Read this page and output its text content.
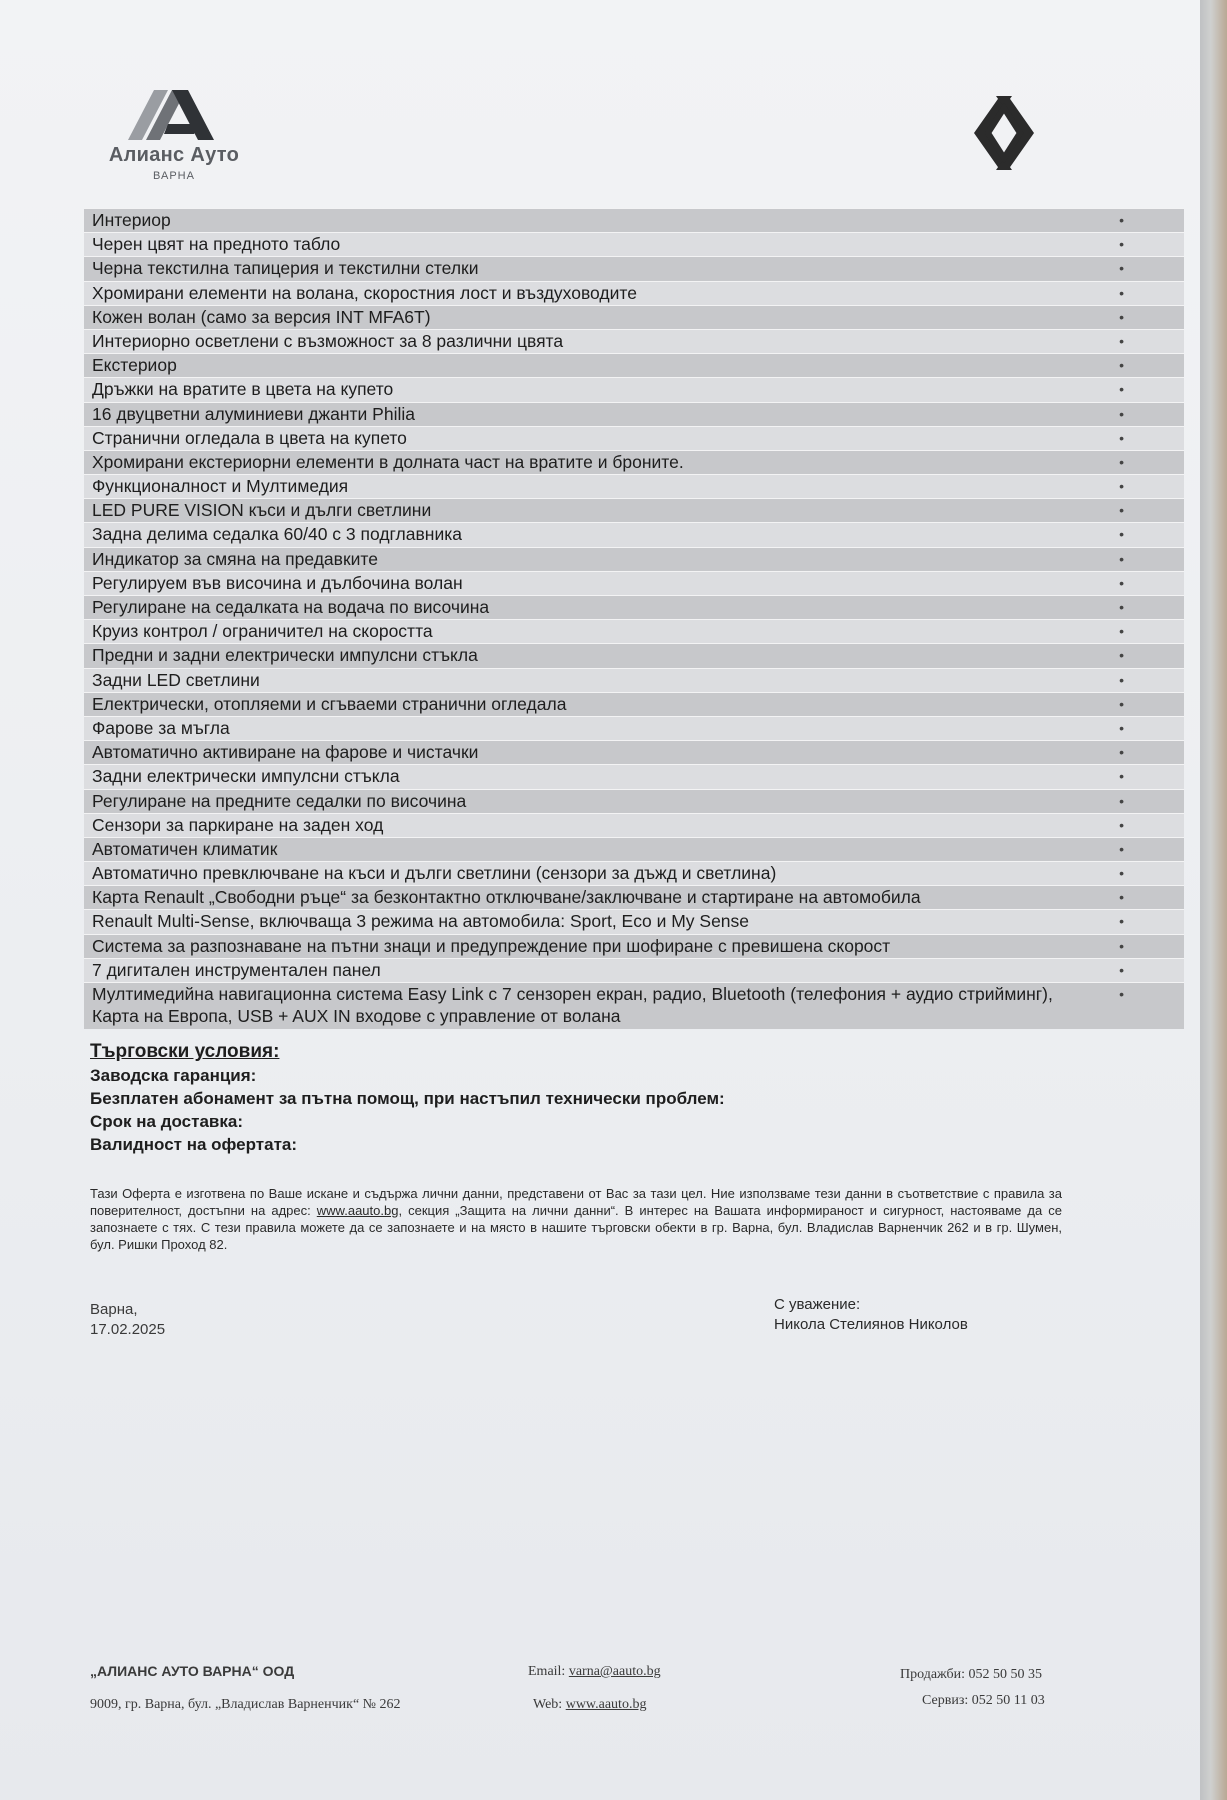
Алианс Ауто
ВАРНА
Интериор	•
Черен цвят на предното табло	•
Черна текстилна тапицерия и текстилни стелки	•
Хромирани елементи на волана, скоростния лост и въздуховодите	•
Кожен волан (само за версия INT MFA6T)	•
Интериорно осветлени с възможност за 8 различни цвята	•
Екстериор	•
Дръжки на вратите в цвета на купето	•
16 двуцветни алуминиеви джанти Philia	•
Странични огледала в цвета на купето	•
Хромирани екстериорни елементи в долната част на вратите и броните.	•
Функционалност и Мултимедия	•
LED PURE VISION къси и дълги светлини	•
Задна делима седалка 60/40 с 3 подглавника	•
Индикатор за смяна на предавките	•
Регулируем във височина и дълбочина волан	•
Регулиране на седалката на водача по височина	•
Круиз контрол / ограничител на скоростта	•
Предни и задни електрически импулсни стъкла	•
Задни LED светлини	•
Електрически, отопляеми и сгъваеми странични огледала	•
Фарове за мъгла	•
Автоматично активиране на фарове и чистачки	•
Задни електрически импулсни стъкла	•
Регулиране на предните седалки по височина	•
Сензори за паркиране на заден ход	•
Автоматичен климатик	•
Автоматично превключване на къси и дълги светлини (сензори за дъжд и светлина)	•
Карта Renault „Свободни ръце“ за безконтактно отключване/заключване и стартиране на автомобила	•
Renault Multi-Sense, включваща 3 режима на автомобила: Sport, Eco и My Sense	•
Система за разпознаване на пътни знаци и предупреждение при шофиране с превишена скорост	•
7 дигитален инструментален панел	•
Мултимедийна навигационна система Easy Link с 7 сензорен екран, радио, Bluetooth (телефония + аудио стрийминг), Карта на Европа, USB + AUX IN входове с управление от волана
•
Търговски условия:
Заводска гаранция:
Безплатен абонамент за пътна помощ, при настъпил технически проблем:
Срок на доставка:
Валидност на офертата:
Тази Оферта е изготвена по Ваше искане и съдържа лични данни, представени от Вас за тази цел. Ние използваме тези данни в съответствие с правила за поверителност, достъпни на адрес: www.aauto.bg, секция „Защита на лични данни“. В интерес на Вашата информираност и сигурност, настояваме да се запознаете с тях. С тези правила можете да се запознаете и на място в нашите търговски обекти в гр. Варна, бул. Владислав Варненчик 262 и в гр. Шумен, бул. Ришки Проход 82.
Варна,
17.02.2025
С уважение:
Никола Стелиянов Николов
„АЛИАНС АУТО ВАРНА“ ООД
9009, гр. Варна, бул. „Владислав Варненчик“ № 262
Email: varna@aauto.bg
Web: www.aauto.bg
Продажби: 052 50 50 35
Сервиз: 052 50 11 03
